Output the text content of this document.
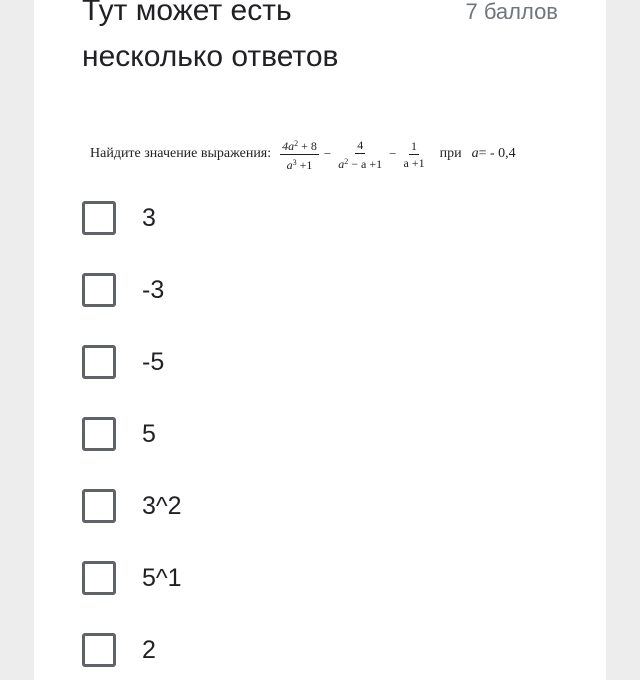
Тут может есть
несколько ответов
7 баллов
Найдите значение выражения: $\frac{4a^2 + 8}{a^3 +1} - \frac{4}{a^2 - a +1} - \frac{1}{a +1}$ при a = - 0,4
3
-3
-5
5
3^2
5^1
2
